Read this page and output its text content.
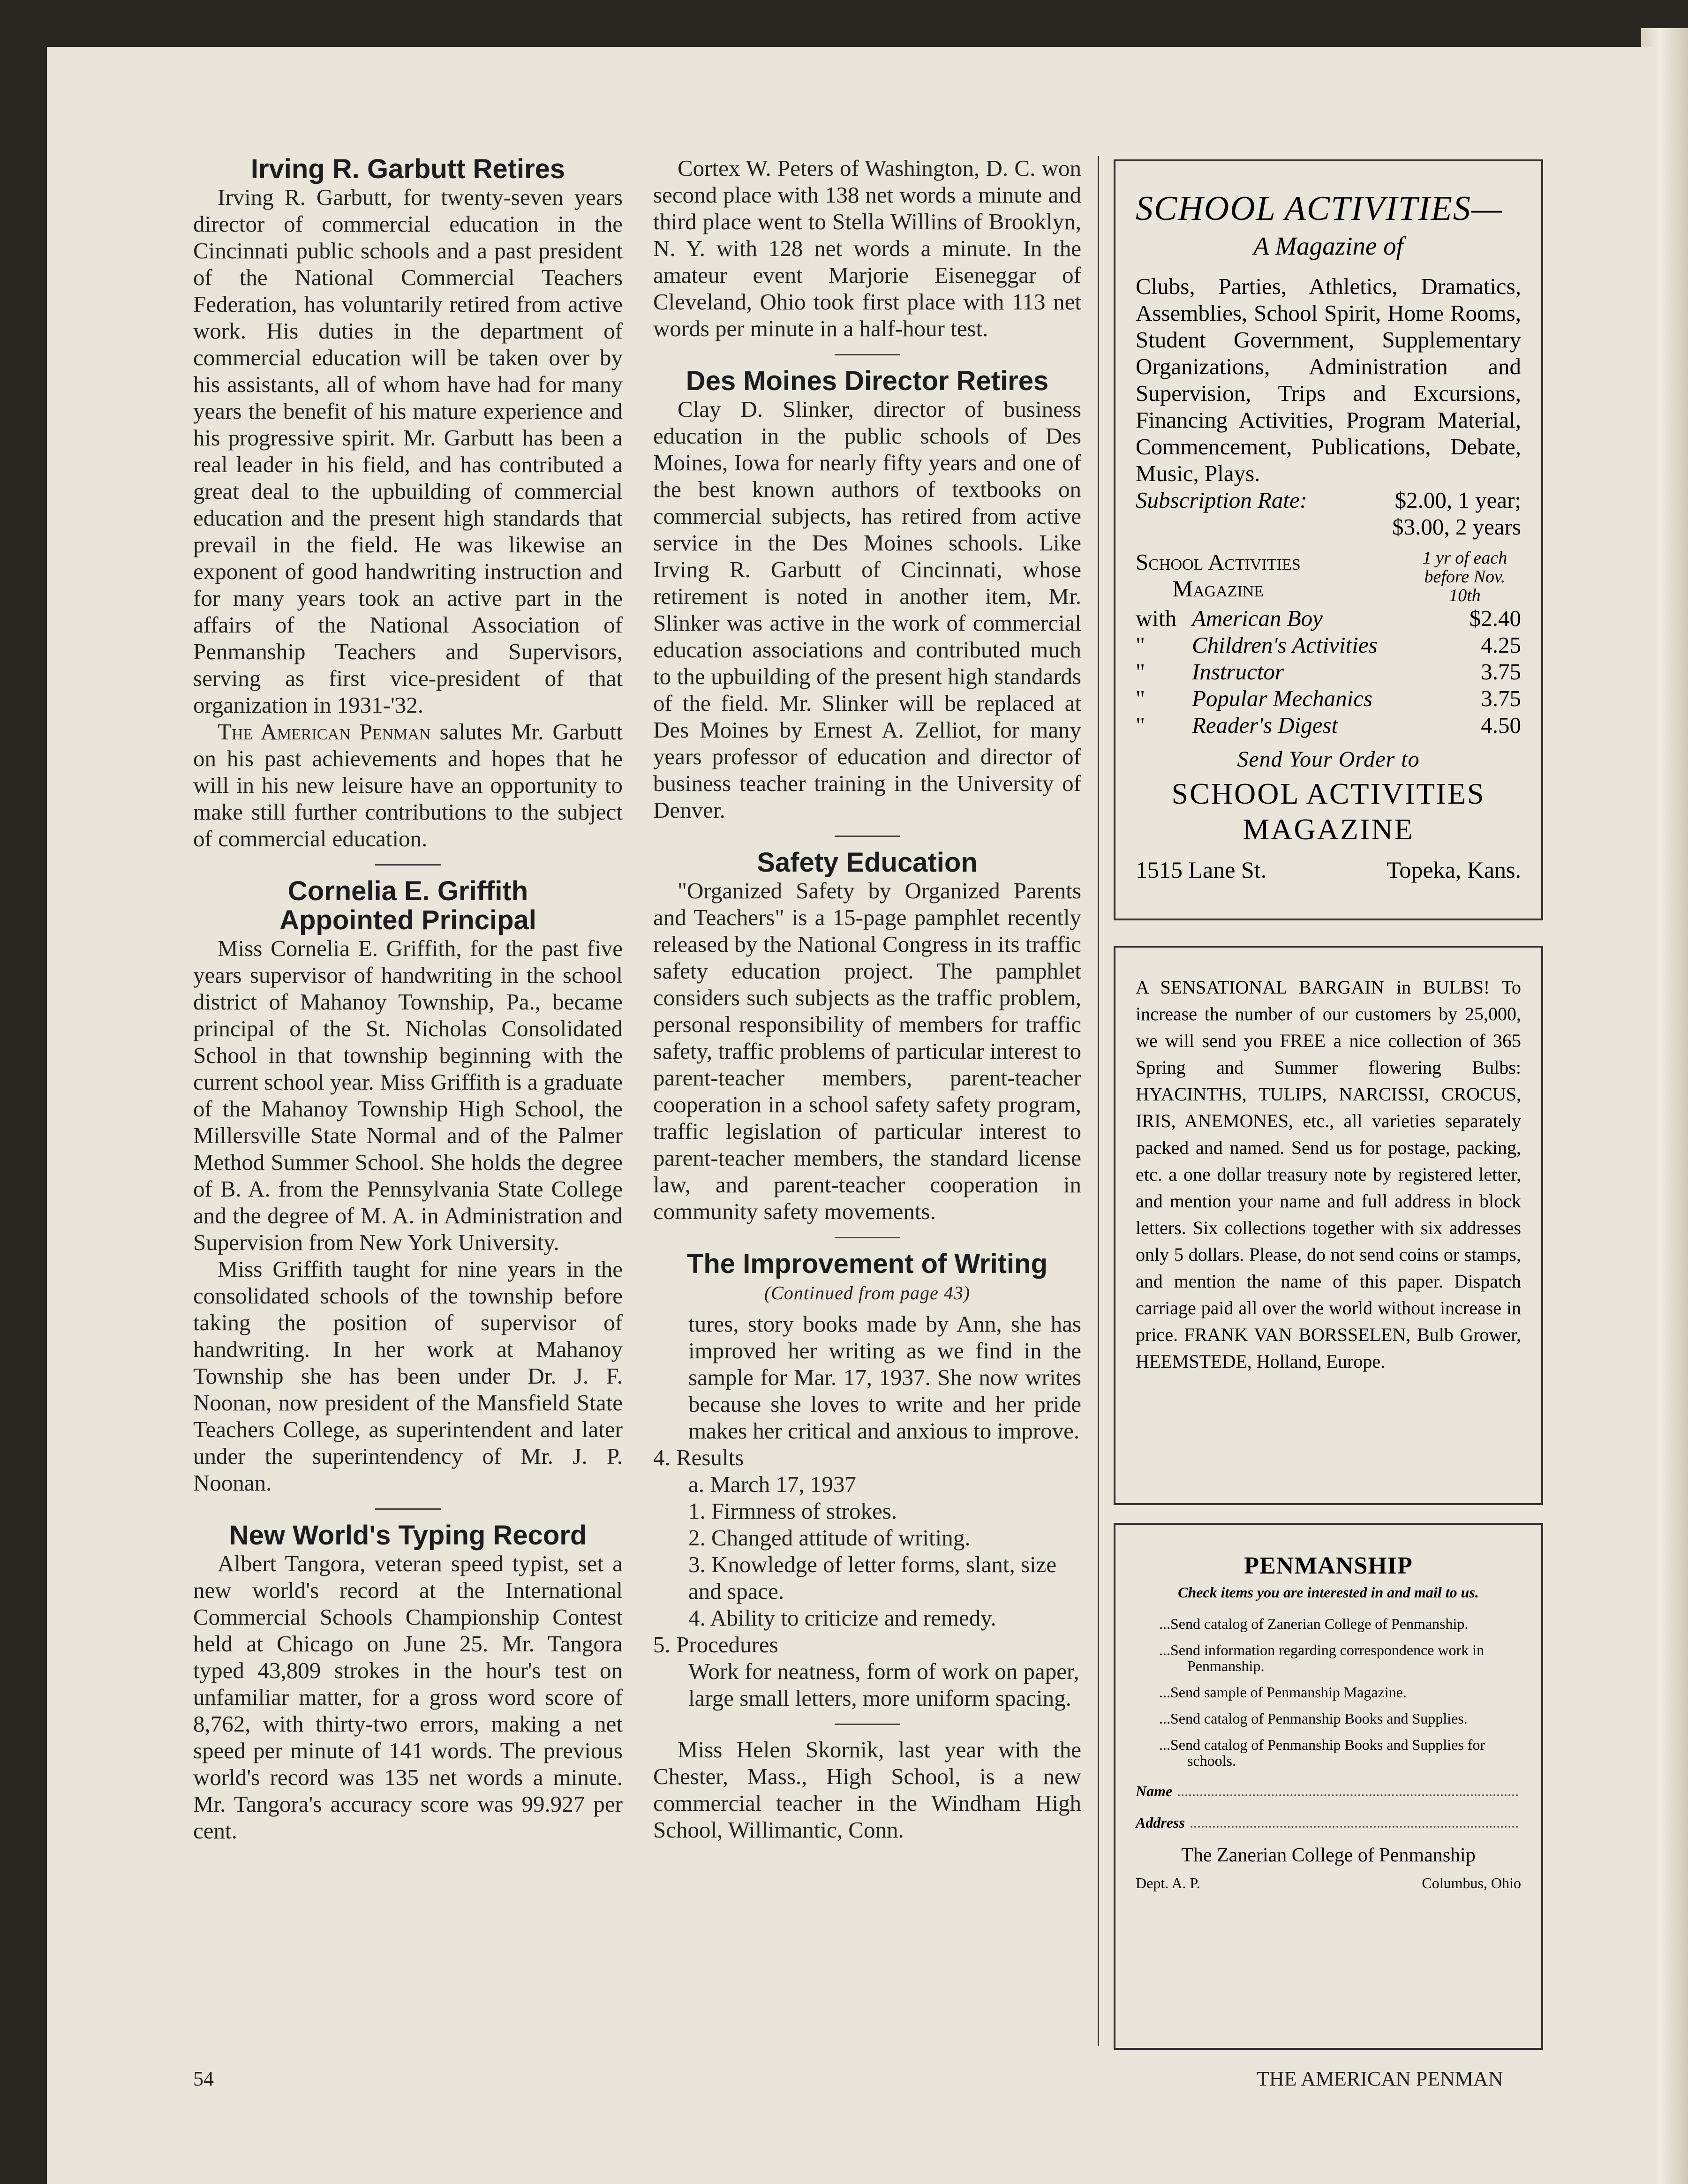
Irving R. Garbutt Retires

Irving R. Garbutt, for twenty-seven years director of commercial education in the Cincinnati public schools and a past president of the National Commercial Teachers Federation, has voluntarily retired from active work. His duties in the department of commercial education will be taken over by his assistants, all of whom have had for many years the benefit of his mature experience and his progressive spirit. Mr. Garbutt has been a real leader in his field, and has contributed a great deal to the upbuilding of commercial education and the present high standards that prevail in the field. He was likewise an exponent of good handwriting instruction and for many years took an active part in the affairs of the National Association of Penmanship Teachers and Supervisors, serving as first vice-president of that organization in 1931-'32.

The American Penman salutes Mr. Garbutt on his past achievements and hopes that he will in his new leisure have an opportunity to make still further contributions to the subject of commercial education.

Cornelia E. Griffith
Appointed Principal

Miss Cornelia E. Griffith, for the past five years supervisor of handwriting in the school district of Mahanoy Township, Pa., became principal of the St. Nicholas Consolidated School in that township beginning with the current school year. Miss Griffith is a graduate of the Mahanoy Township High School, the Millersville State Normal and of the Palmer Method Summer School. She holds the degree of B. A. from the Pennsylvania State College and the degree of M. A. in Administration and Supervision from New York University.

Miss Griffith taught for nine years in the consolidated schools of the township before taking the position of supervisor of handwriting. In her work at Mahanoy Township she has been under Dr. J. F. Noonan, now president of the Mansfield State Teachers College, as superintendent and later under the superintendency of Mr. J. P. Noonan.

New World's Typing Record

Albert Tangora, veteran speed typist, set a new world's record at the International Commercial Schools Championship Contest held at Chicago on June 25. Mr. Tangora typed 43,809 strokes in the hour's test on unfamiliar matter, for a gross word score of 8,762, with thirty-two errors, making a net speed per minute of 141 words. The previous world's record was 135 net words a minute. Mr. Tangora's accuracy score was 99.927 per cent.

Cortex W. Peters of Washington, D. C. won second place with 138 net words a minute and third place went to Stella Willins of Brooklyn, N. Y. with 128 net words a minute. In the amateur event Marjorie Eiseneggar of Cleveland, Ohio took first place with 113 net words per minute in a half-hour test.

Des Moines Director Retires

Clay D. Slinker, director of business education in the public schools of Des Moines, Iowa for nearly fifty years and one of the best known authors of textbooks on commercial subjects, has retired from active service in the Des Moines schools. Like Irving R. Garbutt of Cincinnati, whose retirement is noted in another item, Mr. Slinker was active in the work of commercial education associations and contributed much to the upbuilding of the present high standards of the field. Mr. Slinker will be replaced at Des Moines by Ernest A. Zelliot, for many years professor of education and director of business teacher training in the University of Denver.

Safety Education

"Organized Safety by Organized Parents and Teachers" is a 15-page pamphlet recently released by the National Congress in its traffic safety education project. The pamphlet considers such subjects as the traffic problem, personal responsibility of members for traffic safety, traffic problems of particular interest to parent-teacher members, parent-teacher cooperation in a school safety safety program, traffic legislation of particular interest to parent-teacher members, the standard license law, and parent-teacher cooperation in community safety movements.

The Improvement of Writing
(Continued from page 43)

tures, story books made by Ann, she has improved her writing as we find in the sample for Mar. 17, 1937. She now writes because she loves to write and her pride makes her critical and anxious to improve.

4. Results
a. March 17, 1937
1. Firmness of strokes.
2. Changed attitude of writing.
3. Knowledge of letter forms, slant, size and space.
4. Ability to criticize and remedy.
5. Procedures
Work for neatness, form of work on paper, large small letters, more uniform spacing.

Miss Helen Skornik, last year with the Chester, Mass., High School, is a new commercial teacher in the Windham High School, Willimantic, Conn.

SCHOOL ACTIVITIES—
A Magazine of
Clubs, Parties, Athletics, Dramatics, Assemblies, School Spirit, Home Rooms, Student Government, Supplementary Organizations, Administration and Supervision, Trips and Excursions, Financing Activities, Program Material, Commencement, Publications, Debate, Music, Plays.
Subscription Rate:	$2.00, 1 year;
$3.00, 2 years
School Activities
Magazine
1 yr of each before Nov. 10th
with American Boy	$2.40
" Children's Activities	4.25
" Instructor	3.75
" Popular Mechanics	3.75
" Reader's Digest	4.50
Send Your Order to
SCHOOL ACTIVITIES
MAGAZINE
1515 Lane St.	Topeka, Kans.
A SENSATIONAL BARGAIN in BULBS! To increase the number of our customers by 25,000, we will send you FREE a nice collection of 365 Spring and Summer flowering Bulbs: HYACINTHS, TULIPS, NARCISSI, CROCUS, IRIS, ANEMONES, etc., all varieties separately packed and named. Send us for postage, packing, etc. a one dollar treasury note by registered letter, and mention your name and full address in block letters. Six collections together with six addresses only 5 dollars. Please, do not send coins or stamps, and mention the name of this paper. Dispatch carriage paid all over the world without increase in price. FRANK VAN BORSSELEN, Bulb Grower, HEEMSTEDE, Holland, Europe.
PENMANSHIP
Check items you are interested in and mail to us.
...Send catalog of Zanerian College of Penmanship.
...Send information regarding correspondence work in Penmanship.
...Send sample of Penmanship Magazine.
...Send catalog of Penmanship Books and Supplies.
...Send catalog of Penmanship Books and Supplies for schools.
Name
Address
The Zanerian College of Penmanship
Dept. A. P.	Columbus, Ohio
54	THE AMERICAN PENMAN
